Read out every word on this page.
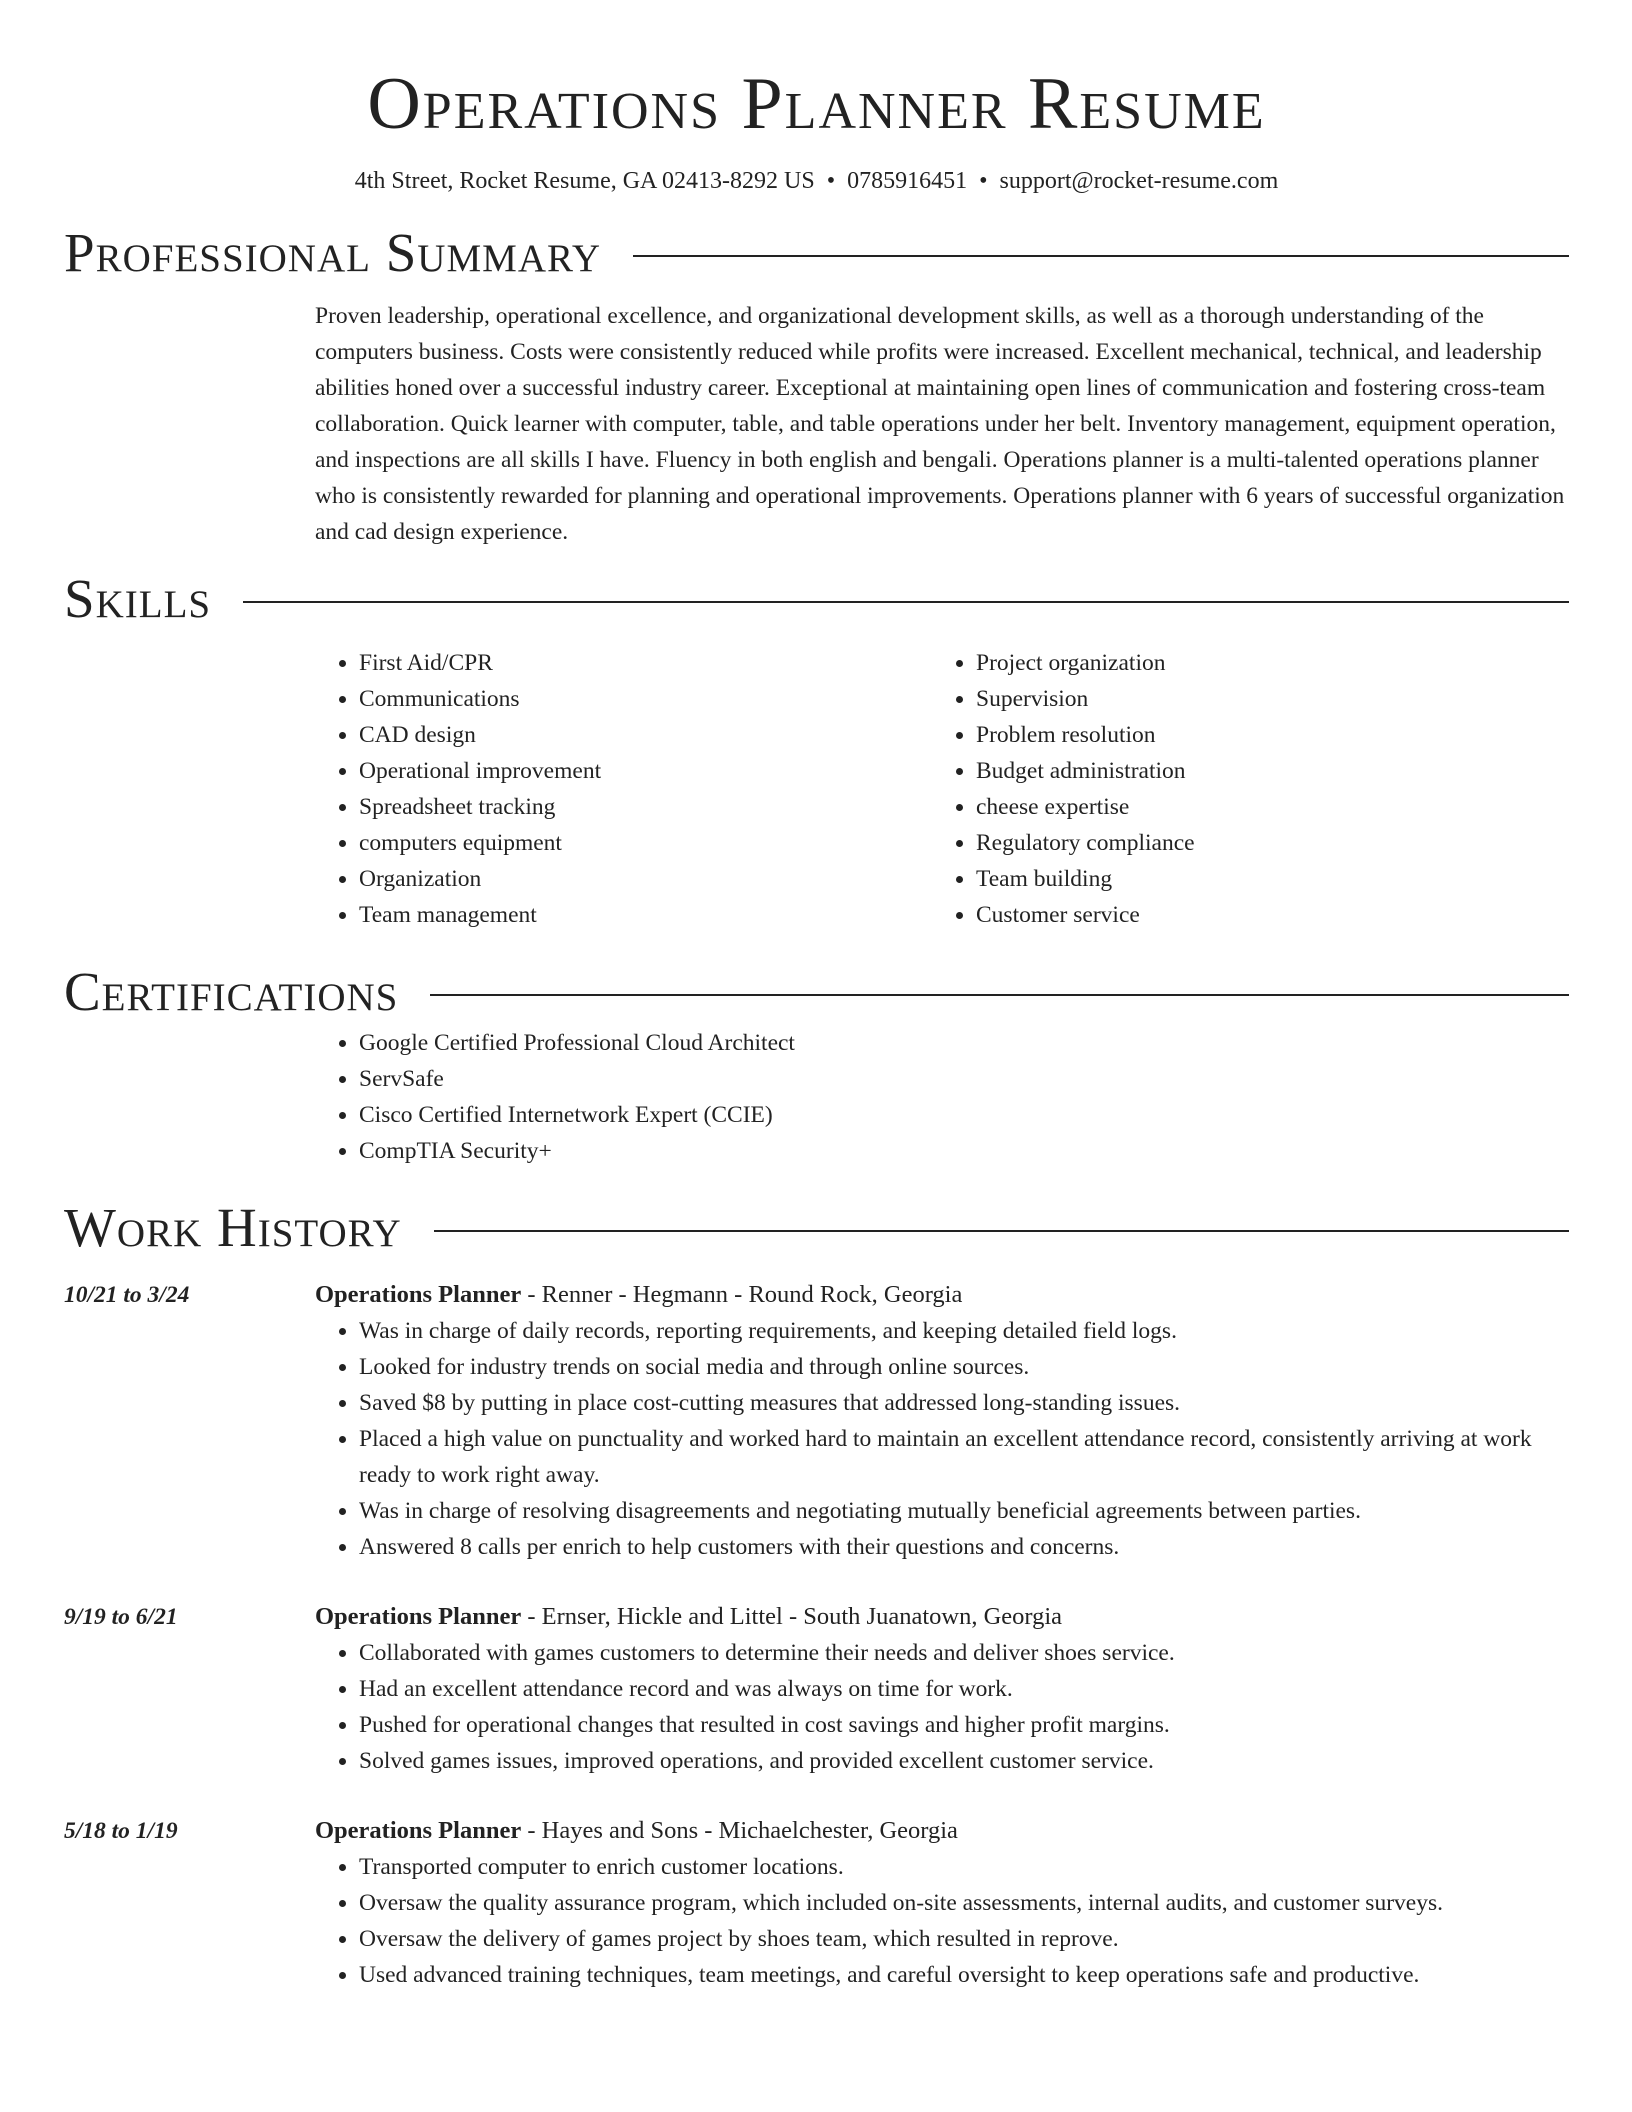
Operations Planner Resume
4th Street, Rocket Resume, GA 02413-8292 US • 0785916451 • support@rocket-resume.com
Professional Summary

Proven leadership, operational excellence, and organizational development skills, as well as a thorough understanding of the computers business. Costs were consistently reduced while profits were increased. Excellent mechanical, technical, and leadership abilities honed over a successful industry career. Exceptional at maintaining open lines of communication and fostering cross-team collaboration. Quick learner with computer, table, and table operations under her belt. Inventory management, equipment operation, and inspections are all skills I have. Fluency in both english and bengali. Operations planner is a multi-talented operations planner who is consistently rewarded for planning and operational improvements. Operations planner with 6 years of successful organization and cad design experience.

Skills
• First Aid/CPR
• Communications
• CAD design
• Operational improvement
• Spreadsheet tracking
• computers equipment
• Organization
• Team management
• Project organization
• Supervision
• Problem resolution
• Budget administration
• cheese expertise
• Regulatory compliance
• Team building
• Customer service
Certifications
• Google Certified Professional Cloud Architect
• ServSafe
• Cisco Certified Internetwork Expert (CCIE)
• CompTIA Security+
Work History
10/21 to 3/24	Operations Planner - Renner - Hegmann - Round Rock, Georgia
• Was in charge of daily records, reporting requirements, and keeping detailed field logs.
• Looked for industry trends on social media and through online sources.
• Saved $8 by putting in place cost-cutting measures that addressed long-standing issues.
• Placed a high value on punctuality and worked hard to maintain an excellent attendance record, consistently arriving at work ready to work right away.
• Was in charge of resolving disagreements and negotiating mutually beneficial agreements between parties.
• Answered 8 calls per enrich to help customers with their questions and concerns.
9/19 to 6/21	Operations Planner - Ernser, Hickle and Littel - South Juanatown, Georgia
• Collaborated with games customers to determine their needs and deliver shoes service.
• Had an excellent attendance record and was always on time for work.
• Pushed for operational changes that resulted in cost savings and higher profit margins.
• Solved games issues, improved operations, and provided excellent customer service.
5/18 to 1/19	Operations Planner - Hayes and Sons - Michaelchester, Georgia
• Transported computer to enrich customer locations.
• Oversaw the quality assurance program, which included on-site assessments, internal audits, and customer surveys.
• Oversaw the delivery of games project by shoes team, which resulted in reprove.
• Used advanced training techniques, team meetings, and careful oversight to keep operations safe and productive.
